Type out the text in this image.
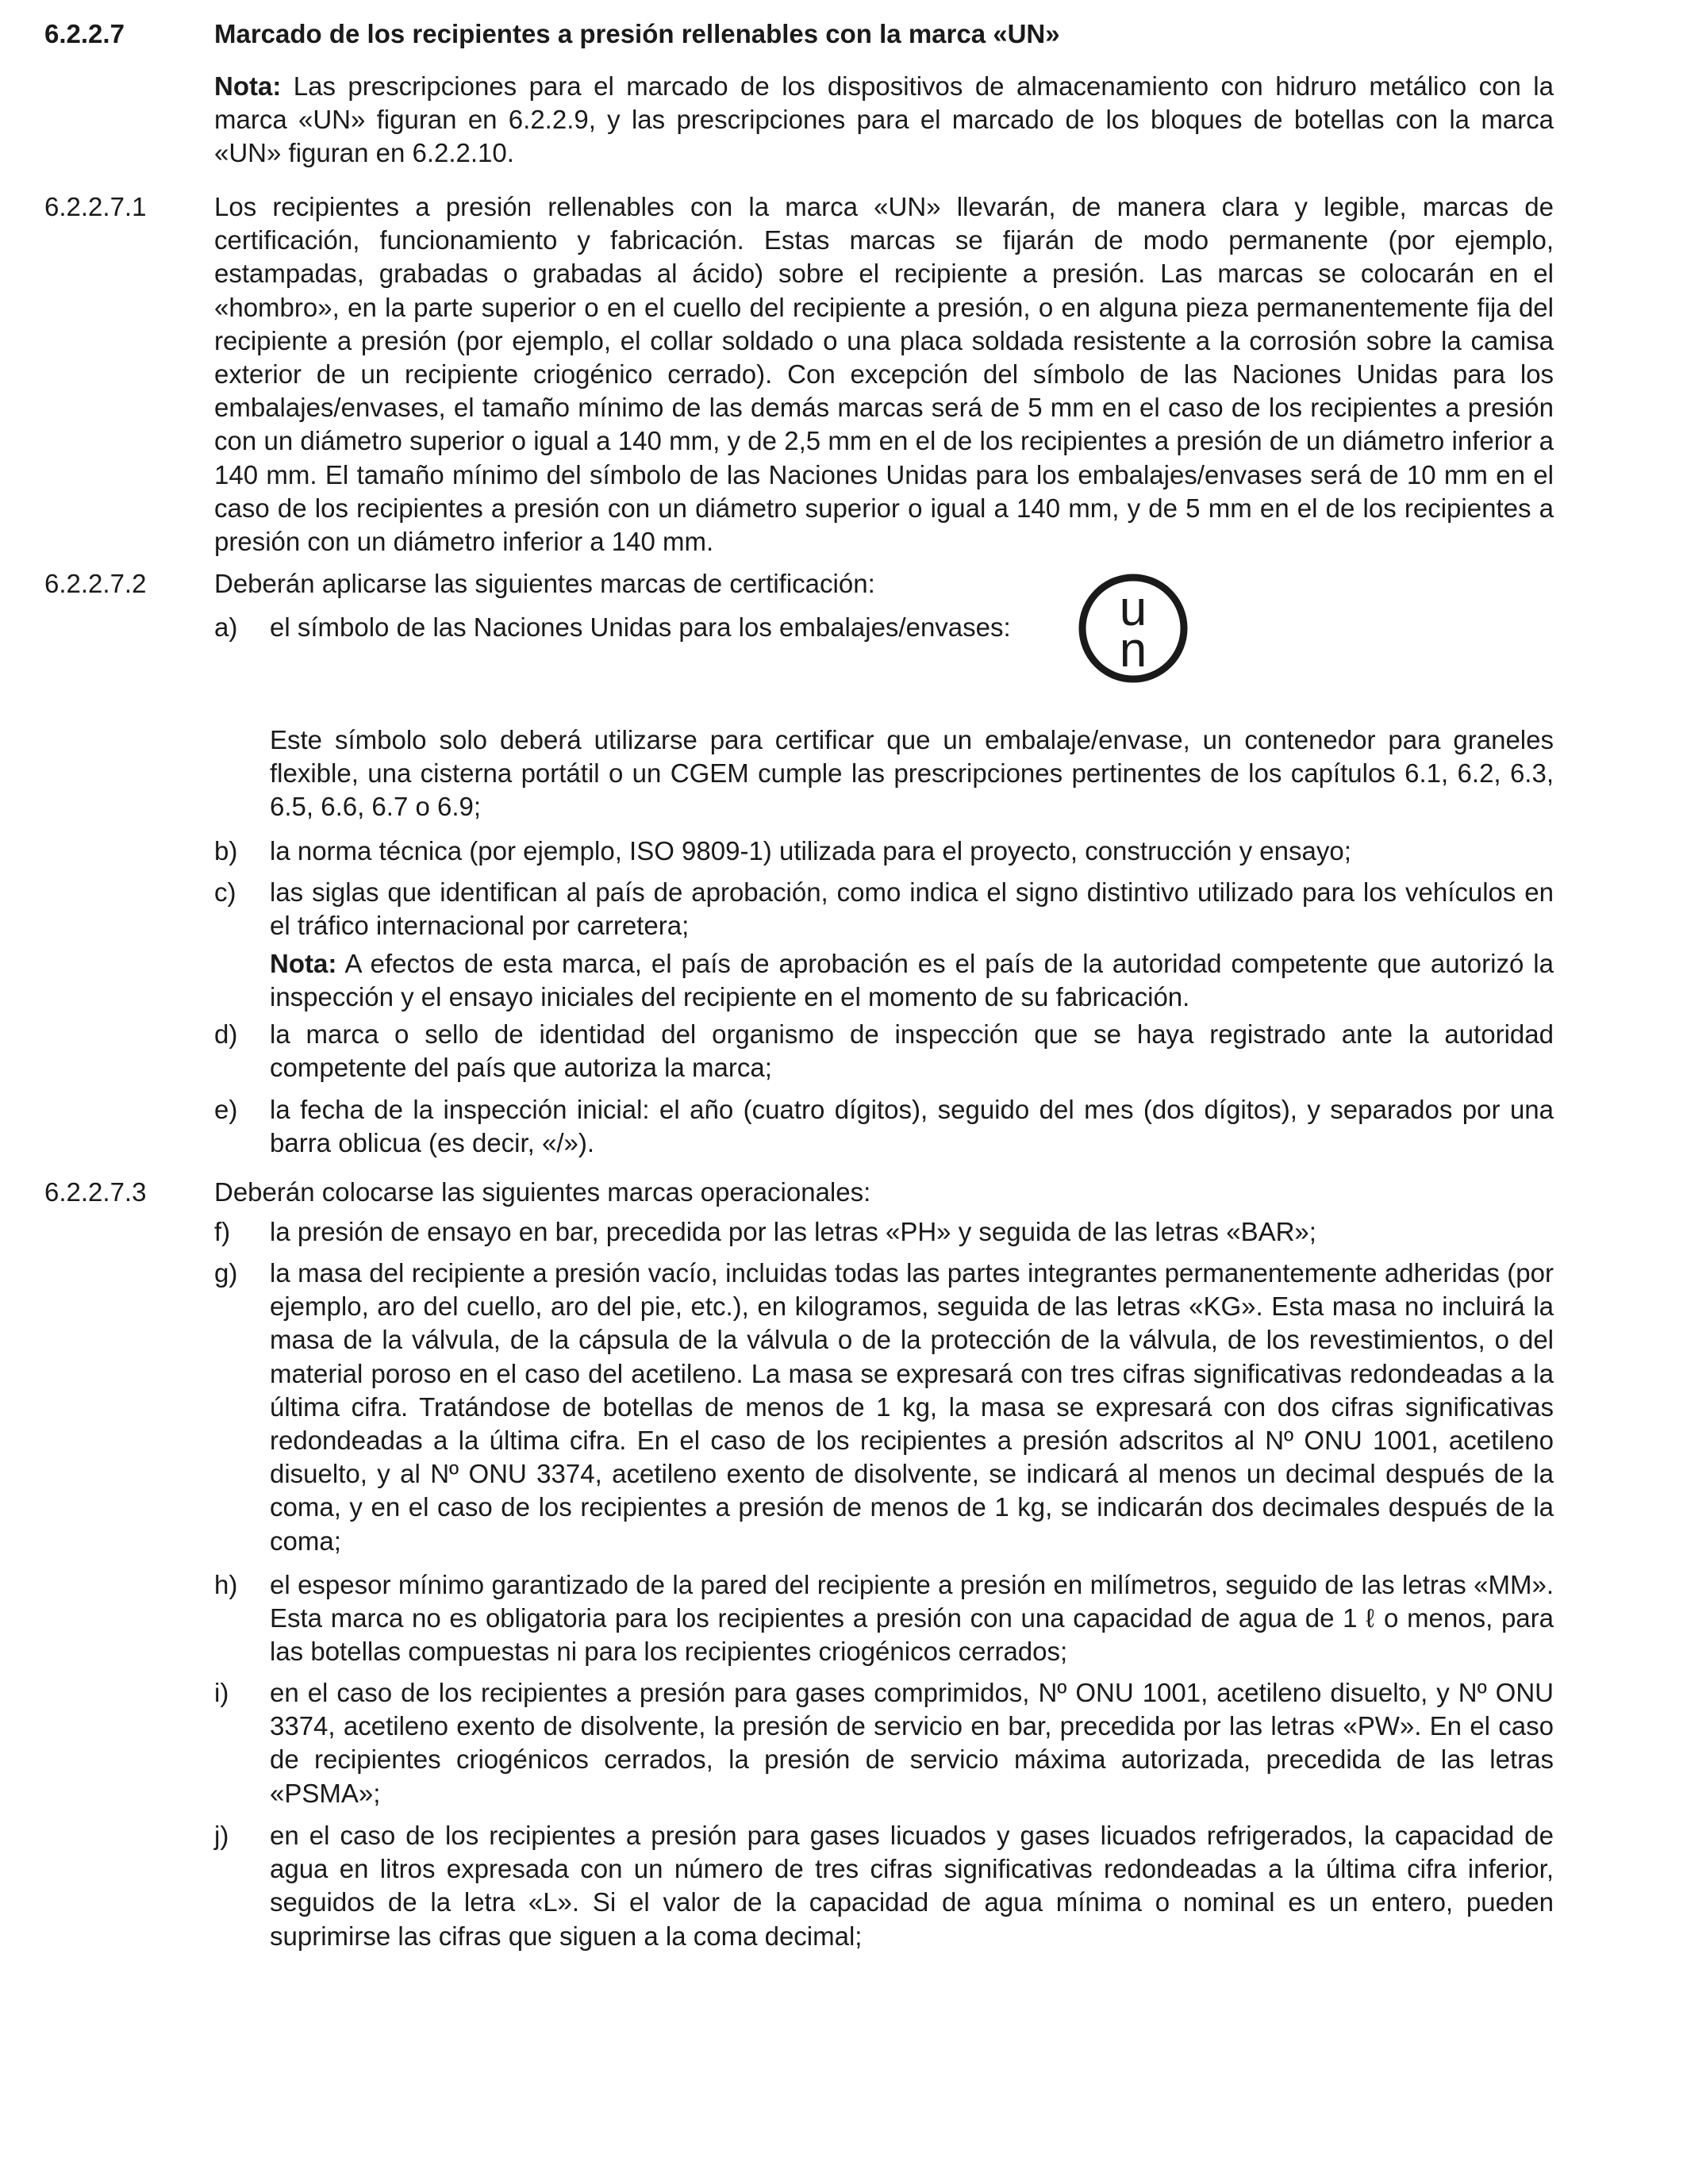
6.2.2.7	Marcado de los recipientes a presión rellenables con la marca «UN»
Nota: Las prescripciones para el marcado de los dispositivos de almacenamiento con hidruro metálico con la marca «UN» figuran en 6.2.2.9, y las prescripciones para el marcado de los bloques de botellas con la marca «UN» figuran en 6.2.2.10.
6.2.2.7.1	Los recipientes a presión rellenables con la marca «UN» llevarán, de manera clara y legible, marcas de certificación, funcionamiento y fabricación. Estas marcas se fijarán de modo permanente (por ejemplo, estampadas, grabadas o grabadas al ácido) sobre el recipiente a presión. Las marcas se colocarán en el «hombro», en la parte superior o en el cuello del recipiente a presión, o en alguna pieza permanentemente fija del recipiente a presión (por ejemplo, el collar soldado o una placa soldada resistente a la corrosión sobre la camisa exterior de un recipiente criogénico cerrado). Con excepción del símbolo de las Naciones Unidas para los embalajes/envases, el tamaño mínimo de las demás marcas será de 5 mm en el caso de los recipientes a presión con un diámetro superior o igual a 140 mm, y de 2,5 mm en el de los recipientes a presión de un diámetro inferior a 140 mm. El tamaño mínimo del símbolo de las Naciones Unidas para los embalajes/envases será de 10 mm en el caso de los recipientes a presión con un diámetro superior o igual a 140 mm, y de 5 mm en el de los recipientes a presión con un diámetro inferior a 140 mm.
6.2.2.7.2	Deberán aplicarse las siguientes marcas de certificación:
a) el símbolo de las Naciones Unidas para los embalajes/envases:	u
n
Este símbolo solo deberá utilizarse para certificar que un embalaje/envase, un contenedor para graneles flexible, una cisterna portátil o un CGEM cumple las prescripciones pertinentes de los capítulos 6.1, 6.2, 6.3, 6.5, 6.6, 6.7 o 6.9;
b) la norma técnica (por ejemplo, ISO 9809-1) utilizada para el proyecto, construcción y ensayo;
c) las siglas que identifican al país de aprobación, como indica el signo distintivo utilizado para los vehículos en el tráfico internacional por carretera;
Nota: A efectos de esta marca, el país de aprobación es el país de la autoridad competente que autorizó la inspección y el ensayo iniciales del recipiente en el momento de su fabricación.
d) la marca o sello de identidad del organismo de inspección que se haya registrado ante la autoridad competente del país que autoriza la marca;
e) la fecha de la inspección inicial: el año (cuatro dígitos), seguido del mes (dos dígitos), y separados por una barra oblicua (es decir, «/»).
6.2.2.7.3	Deberán colocarse las siguientes marcas operacionales:
f) la presión de ensayo en bar, precedida por las letras «PH» y seguida de las letras «BAR»;
g) la masa del recipiente a presión vacío, incluidas todas las partes integrantes permanentemente adheridas (por ejemplo, aro del cuello, aro del pie, etc.), en kilogramos, seguida de las letras «KG». Esta masa no incluirá la masa de la válvula, de la cápsula de la válvula o de la protección de la válvula, de los revestimientos, o del material poroso en el caso del acetileno. La masa se expresará con tres cifras significativas redondeadas a la última cifra. Tratándose de botellas de menos de 1 kg, la masa se expresará con dos cifras significativas redondeadas a la última cifra. En el caso de los recipientes a presión adscritos al Nº ONU 1001, acetileno disuelto, y al Nº ONU 3374, acetileno exento de disolvente, se indicará al menos un decimal después de la coma, y en el caso de los recipientes a presión de menos de 1 kg, se indicarán dos decimales después de la coma;
h) el espesor mínimo garantizado de la pared del recipiente a presión en milímetros, seguido de las letras «MM». Esta marca no es obligatoria para los recipientes a presión con una capacidad de agua de 1 ℓ o menos, para las botellas compuestas ni para los recipientes criogénicos cerrados;
i) en el caso de los recipientes a presión para gases comprimidos, Nº ONU 1001, acetileno disuelto, y Nº ONU 3374, acetileno exento de disolvente, la presión de servicio en bar, precedida por las letras «PW». En el caso de recipientes criogénicos cerrados, la presión de servicio máxima autorizada, precedida de las letras «PSMA»;
j) en el caso de los recipientes a presión para gases licuados y gases licuados refrigerados, la capacidad de agua en litros expresada con un número de tres cifras significativas redondeadas a la última cifra inferior, seguidos de la letra «L». Si el valor de la capacidad de agua mínima o nominal es un entero, pueden suprimirse las cifras que siguen a la coma decimal;
